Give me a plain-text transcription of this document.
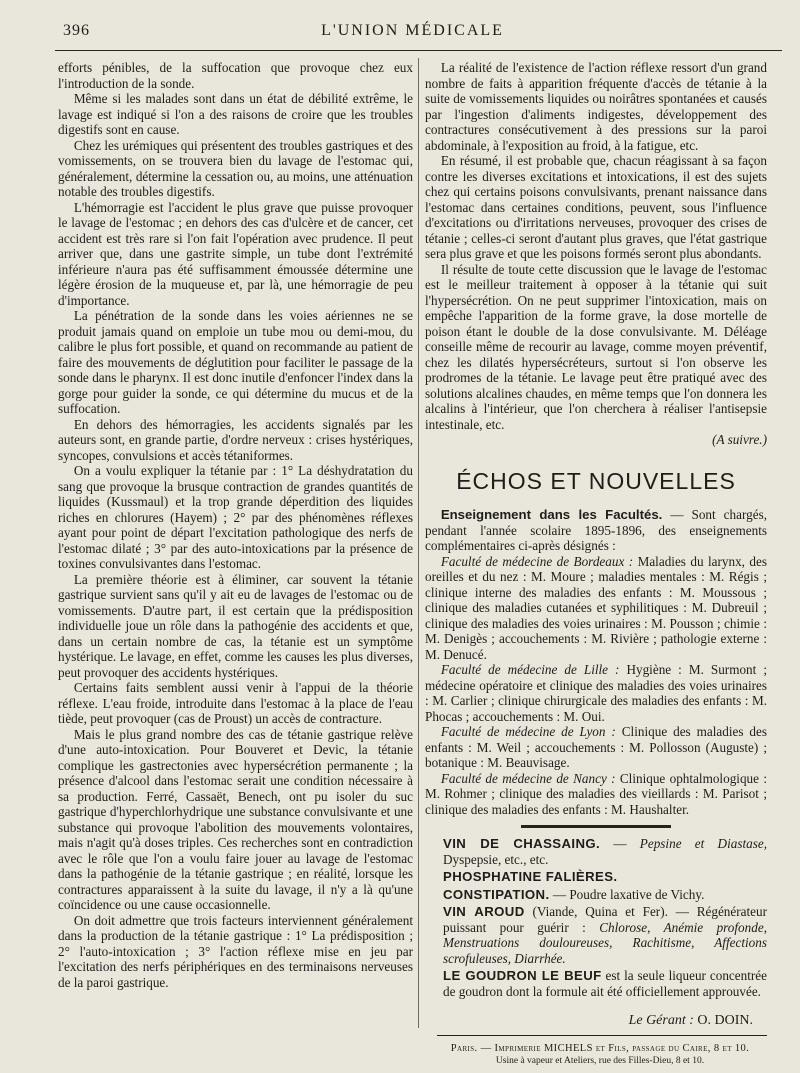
396	L'UNION MÉDICALE

efforts pénibles, de la suffocation que provoque chez eux l'introduction de la sonde.

Même si les malades sont dans un état de débilité extrême, le lavage est indiqué si l'on a des raisons de croire que les troubles digestifs sont en cause.

Chez les urémiques qui présentent des troubles gastriques et des vomissements, on se trouvera bien du lavage de l'estomac qui, généralement, détermine la cessation ou, au moins, une atténuation notable des troubles digestifs.

L'hémorragie est l'accident le plus grave que puisse provoquer le lavage de l'estomac ; en dehors des cas d'ulcère et de cancer, cet accident est très rare si l'on fait l'opération avec prudence. Il peut arriver que, dans une gastrite simple, un tube dont l'extrémité inférieure n'aura pas été suffisamment émoussée détermine une légère érosion de la muqueuse et, par là, une hémorragie de peu d'importance.

La pénétration de la sonde dans les voies aériennes ne se produit jamais quand on emploie un tube mou ou demi-mou, du calibre le plus fort possible, et quand on recommande au patient de faire des mouvements de déglutition pour faciliter le passage de la sonde dans le pharynx. Il est donc inutile d'enfoncer l'index dans la gorge pour guider la sonde, ce qui détermine du mucus et de la suffocation.

En dehors des hémorragies, les accidents signalés par les auteurs sont, en grande partie, d'ordre nerveux : crises hystériques, syncopes, convulsions et accès tétaniformes.

On a voulu expliquer la tétanie par : 1° La déshydratation du sang que provoque la brusque contraction de grandes quantités de liquides (Kussmaul) et la trop grande déperdition des liquides riches en chlorures (Hayem) ; 2° par des phénomènes réflexes ayant pour point de départ l'excitation pathologique des nerfs de l'estomac dilaté ; 3° par des auto-intoxications par la présence de toxines convulsivantes dans l'estomac.

La première théorie est à éliminer, car souvent la tétanie gastrique survient sans qu'il y ait eu de lavages de l'estomac ou de vomissements. D'autre part, il est certain que la prédisposition individuelle joue un rôle dans la pathogénie des accidents et que, dans un certain nombre de cas, la tétanie est un symptôme hystérique. Le lavage, en effet, comme les causes les plus diverses, peut provoquer des accidents hystériques.

Certains faits semblent aussi venir à l'appui de la théorie réflexe. L'eau froide, introduite dans l'estomac à la place de l'eau tiède, peut provoquer (cas de Proust) un accès de contracture.

Mais le plus grand nombre des cas de tétanie gastrique relève d'une auto-intoxication. Pour Bouveret et Devic, la tétanie complique les gastrectonies avec hypersécrétion permanente ; la présence d'alcool dans l'estomac serait une condition nécessaire à sa production. Ferré, Cassaët, Benech, ont pu isoler du suc gastrique d'hyperchlorhydrique une substance convulsivante et une substance qui provoque l'abolition des mouvements volontaires, mais n'agit qu'à doses triples. Ces recherches sont en contradiction avec le rôle que l'on a voulu faire jouer au lavage de l'estomac dans la pathogénie de la tétanie gastrique ; en réalité, lorsque les contractures apparaissent à la suite du lavage, il n'y a là qu'une coïncidence ou une cause occasionnelle.

On doit admettre que trois facteurs interviennent généralement dans la production de la tétanie gastrique : 1° La prédisposition ; 2° l'auto-intoxication ; 3° l'action réflexe mise en jeu par l'excitation des nerfs périphériques en des terminaisons nerveuses de la paroi gastrique.

La réalité de l'existence de l'action réflexe ressort d'un grand nombre de faits à apparition fréquente d'accès de tétanie à la suite de vomissements liquides ou noirâtres spontanées et causés par l'ingestion d'aliments indigestes, développement des contractures consécutivement à des pressions sur la paroi abdominale, à l'exposition au froid, à la fatigue, etc.

En résumé, il est probable que, chacun réagissant à sa façon contre les diverses excitations et intoxications, il est des sujets chez qui certains poisons convulsivants, prenant naissance dans l'estomac dans certaines conditions, peuvent, sous l'influence d'excitations ou d'irritations nerveuses, provoquer des crises de tétanie ; celles-ci seront d'autant plus graves, que l'état gastrique sera plus grave et que les poisons formés seront plus abondants.

Il résulte de toute cette discussion que le lavage de l'estomac est le meilleur traitement à opposer à la tétanie qui suit l'hypersécrétion. On ne peut supprimer l'intoxication, mais on empêche l'apparition de la forme grave, la dose mortelle de poison étant le double de la dose convulsivante. M. Déléage conseille même de recourir au lavage, comme moyen préventif, chez les dilatés hypersécréteurs, surtout si l'on observe les prodromes de la tétanie. Le lavage peut être pratiqué avec des solutions alcalines chaudes, en même temps que l'on donnera les alcalins à l'intérieur, que l'on cherchera à réaliser l'antisepsie intestinale, etc.
(A suivre.)

ÉCHOS ET NOUVELLES

Enseignement dans les Facultés. — Sont chargés, pendant l'année scolaire 1895-1896, des enseignements complémentaires ci-après désignés :

Faculté de médecine de Bordeaux : Maladies du larynx, des oreilles et du nez : M. Moure ; maladies mentales : M. Régis ; clinique interne des maladies des enfants : M. Moussous ; clinique des maladies cutanées et syphilitiques : M. Dubreuil ; clinique des maladies des voies urinaires : M. Pousson ; chimie : M. Denigès ; accouchements : M. Rivière ; pathologie externe : M. Denucé.

Faculté de médecine de Lille : Hygiène : M. Surmont ; médecine opératoire et clinique des maladies des voies urinaires : M. Carlier ; clinique chirurgicale des maladies des enfants : M. Phocas ; accouchements : M. Oui.

Faculté de médecine de Lyon : Clinique des maladies des enfants : M. Weil ; accouchements : M. Pollosson (Auguste) ; botanique : M. Beauvisage.

Faculté de médecine de Nancy : Clinique ophtalmologique : M. Rohmer ; clinique des maladies des vieillards : M. Parisot ; clinique des maladies des enfants : M. Haushalter.

VIN DE CHASSAING. — Pepsine et Diastase, Dyspepsie, etc., etc.

PHOSPHATINE FALIÈRES.

CONSTIPATION. — Poudre laxative de Vichy.

VIN AROUD (Viande, Quina et Fer). — Régénérateur puissant pour guérir : Chlorose, Anémie profonde, Menstruations douloureuses, Rachitisme, Affections scrofuleuses, Diarrhée.

LE GOUDRON LE BEUF est la seule liqueur concentrée de goudron dont la formule ait été officiellement approuvée.

Le Gérant : O. DOIN.
Paris. — Imprimerie MICHELS et Fils, passage du Caire, 8 et 10.
Usine à vapeur et Ateliers, rue des Filles-Dieu, 8 et 10.
